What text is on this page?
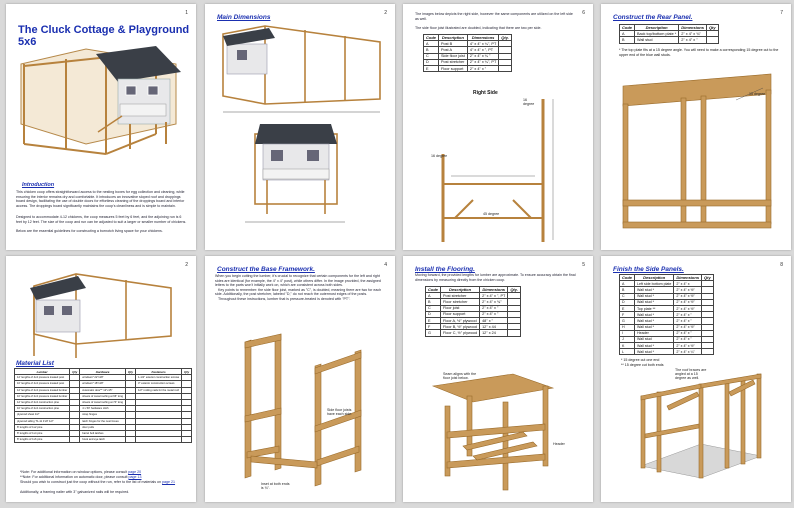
1
The Cluck Cottage & Playground 5x6
Introduction
This chicken coop offers straightforward access to the nesting boxes for egg collection and cleaning, while ensuring the interior remains dry and comfortable. It introduces an innovative sloped roof and droppings board design, facilitating the use of double doors for effortless cleaning of the droppings board and interior access. The droppings board significantly maintains the coop's cleanliness and is simple to maintain.
Designed to accommodate 4-12 chickens, the coop measures 5 feet by 6 feet, and the adjoining run is 6 feet by 12 feet. The size of the coop and run can be adjusted to suit a larger or smaller number of chickens.
Below are the essential guidelines for constructing a bornotch living space for your chickens.
2
Main Dimensions
6
The images below depicts the right side, however the same components are utilized on the left side as well.
The side floor joist illustrated are doubled, indicating that there are two per side.
Code	Description	Dimensions	Qty.
A	Post B	4" x 4" x ¼", PT	
B	Post A	4" x 4" x ", PT	
C	Side floor joist	2" x 4" x ¼ "	
D	Post stretcher	2" x 4" x ¼", PT	
E	Floor support	2" x 4" x "	
Right Side
16 degree
16 degree
45 degree
7
Construct the Rear Panel.
Code	Description	Dimensions	Qty
A	Back top/bottom plate *	2" x 4" x ¾"	
B	Wall stud	2" x 4" x "	
* The top plate fits at a 15 degree angle. You will need to make a corresponding 15 degree cut to the upper end of the blue wall studs.
15 degree
2
Material List
Lumber	Qty	Hardware	Qty	Fasteners	Qty
12' lengths of 4x4 pressure treated post		windows* 22"x18"		1-1/2" exterior construction screws	
10' lengths of 4x4 pressure treated post		windows* 18"x18"		3" exterior construction screws	
12' lengths of 2x4 pressure treated lumber		Automatic door** 12"x15"		1/2" roofing nails for the metal roof	
10' lengths of 2x4 pressure treated lumber		sheets of metal roofing at 66" long			
12' lengths of 2x4 construction pine		sheets of metal roofing at 74" long			
10' lengths of 2x4 construction pine		4 x 50' hardware cloth			
plywood sheet 1/2"		strap hinges			
plywood siding T1-11 4'x8' 1/2"		latch hinges for the nest boxes			
8' lengths of 1x2 pine		door pulls			
8' lengths of 1x4 pine		barrel bolt latches			
8' lengths of 1x6 pine		hook and eye latch			
*Note: For additional information on window options, please consult page 20
**Note: For additional information on automatic door, please consult page 13
Should you wish to construct just the coop without the run, refer to the list of materials on page 21
Additionally, a framing nailer with 3" galvanized nails will be required.
4
Construct the Base Framework.
When you begin cutting the lumber, it's crucial to recognize that certain components for the left and right sides are identical (for example, the 4" x 4" post), while others differ. In the image provided, the assigned letters to the parts won't initially work on, which are consistent across both sides.
Key points to remember: the side floor joist, marked as "C", is doubled, meaning there are two for each side. Additionally, the post stretcher, labeled "D," do not reach the outermost edges of the posts.
Throughout these instructions, lumber that is pressure-treated is denoted with "PT".
Side floor joists have each side.
Inset at both ends is ¾".
5
Install the Flooring.
Moving forward, the provided lengths for lumber are approximate. To ensure accuracy obtain the final dimensions by measuring directly from the chicken coop.
Code	Description	Dimensions	Qty.
A	Post stretcher	2" x 4" x ", PT	
B	Floor stretcher	2" x 4" x ¾"	
C	Floor joist	2" x 4" x "	
D	Floor support	2" x 4" x "	
E	Floor A, ½" plywood	48" x "	
F	Floor B, ½" plywood	12" x 44	
G	Floor C, ½" plywood	12" x 24	
Seam aligns with the floor joist below.
Header
8
Finish the Side Panels.
Code	Description	Dimensions	Qty
A	Left side bottom plate	2" x 4" x	
B	Wall stud *	2" x 4" x ½"	
C	Wall stud *	2" x 4" x ½"	
D	Wall stud *	2" x 4" x ½"	
E	Top plate **	2" x 4" x ½"	
F	Wall stud *	2" x 4" x "	
G	Wall stud *	2" x 4" x "	
H	Wall stud *	2" x 4" x ½"	
I	Header	2" x 4" x "	
J	Wall stud	2" x 4" x "	
K	Wall stud *	2" x 4" x ½"	
L	Wall stud *	2" x 4" x ¼"	
* 15 degree cut one end
** 15 degree cut both ends
The roof braces are angled at a 15 degree as well.
